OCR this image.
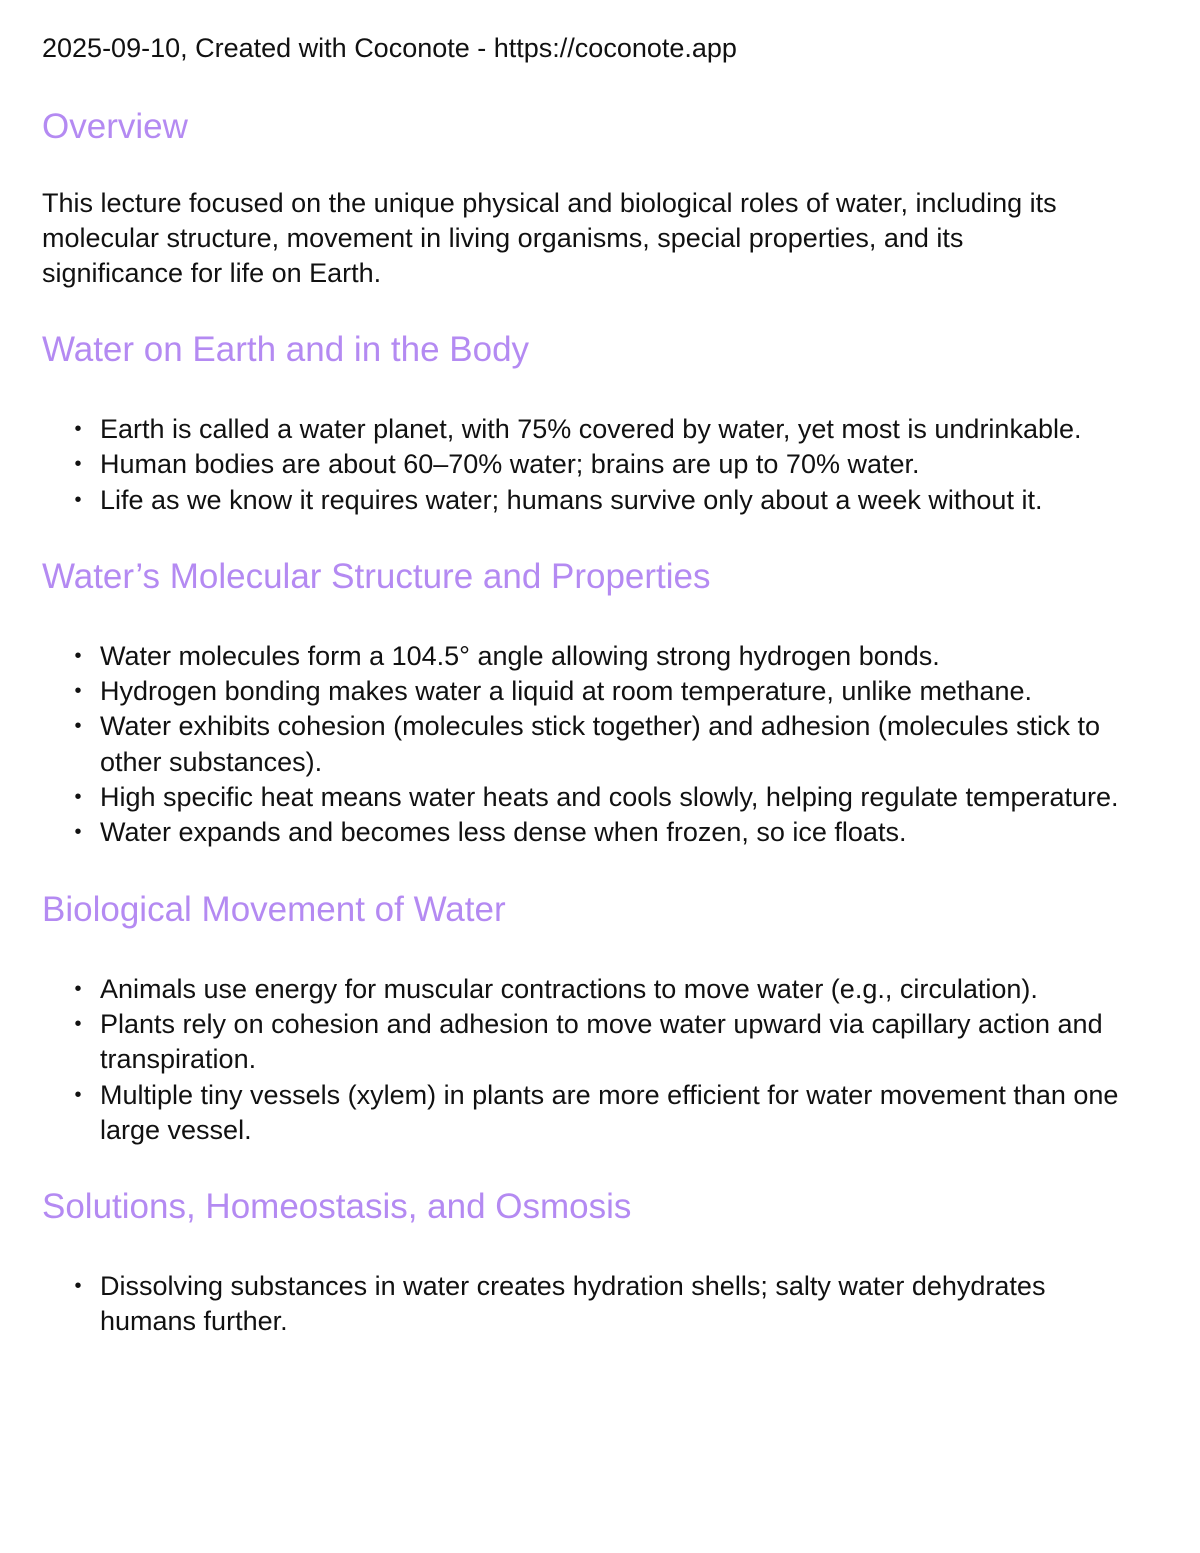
2025-09-10, Created with Coconote - https://coconote.app

Overview

This lecture focused on the unique physical and biological roles of water, including its molecular structure, movement in living organisms, special properties, and its significance for life on Earth.

Water on Earth and in the Body
• Earth is called a water planet, with 75% covered by water, yet most is undrinkable.
• Human bodies are about 60–70% water; brains are up to 70% water.
• Life as we know it requires water; humans survive only about a week without it.
Water’s Molecular Structure and Properties
• Water molecules form a 104.5° angle allowing strong hydrogen bonds.
• Hydrogen bonding makes water a liquid at room temperature, unlike methane.
• Water exhibits cohesion (molecules stick together) and adhesion (molecules stick to other substances).
• High specific heat means water heats and cools slowly, helping regulate temperature.
• Water expands and becomes less dense when frozen, so ice floats.
Biological Movement of Water
• Animals use energy for muscular contractions to move water (e.g., circulation).
• Plants rely on cohesion and adhesion to move water upward via capillary action and transpiration.
• Multiple tiny vessels (xylem) in plants are more efficient for water movement than one large vessel.
Solutions, Homeostasis, and Osmosis
• Dissolving substances in water creates hydration shells; salty water dehydrates humans further.
